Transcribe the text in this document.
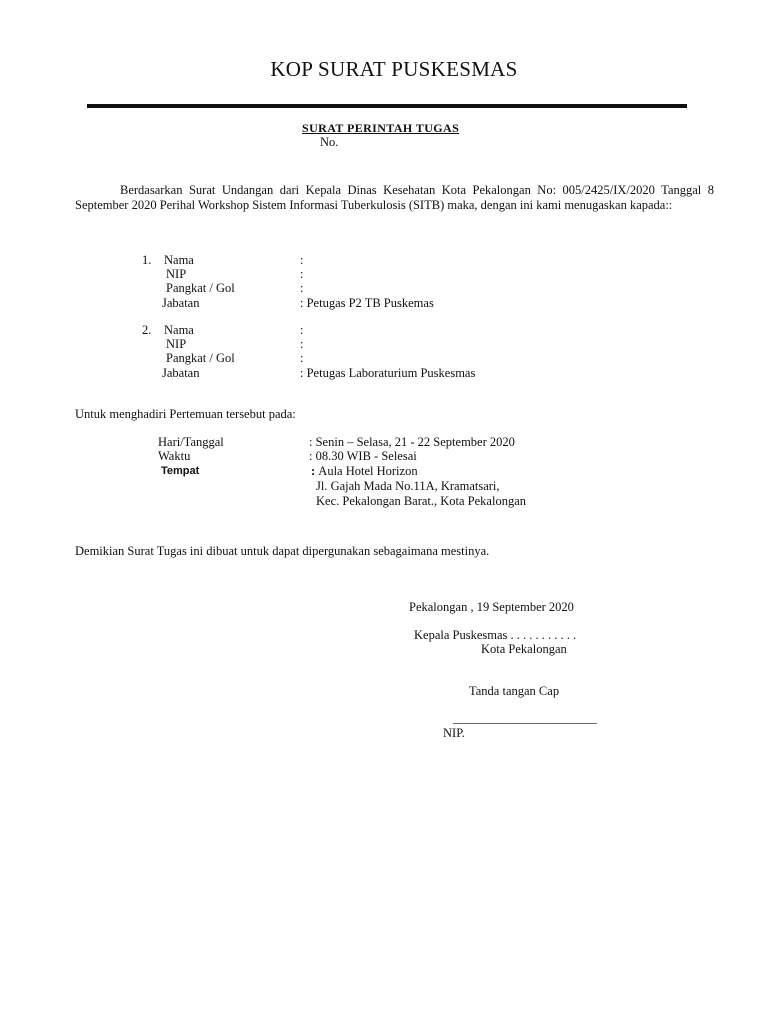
KOP SURAT PUSKESMAS
SURAT PERINTAH TUGAS
No.
Berdasarkan Surat Undangan dari Kepala Dinas Kesehatan Kota Pekalongan No: 005/2425/IX/2020 Tanggal 8 September 2020 Perihal Workshop Sistem Informasi Tuberkulosis (SITB) maka, dengan ini kami menugaskan kapada::
1. Nama	:
NIP	:
Pangkat / Gol	:
Jabatan	: Petugas P2 TB Puskemas
2. Nama	:
NIP	:
Pangkat / Gol	:
Jabatan	: Petugas Laboraturium Puskesmas
Untuk menghadiri Pertemuan tersebut pada:
Hari/Tanggal	: Senin – Selasa, 21 - 22 September 2020
Waktu	: 08.30 WIB - Selesai
Tempat	: Aula Hotel Horizon
Jl. Gajah Mada No.11A, Kramatsari,
Kec. Pekalongan Barat., Kota Pekalongan
Demikian Surat Tugas ini dibuat untuk dapat dipergunakan sebagaimana mestinya.
Pekalongan , 19 September 2020
Kepala Puskesmas . . . . . . . . . . .
Kota Pekalongan
Tanda tangan Cap
_______________________
NIP.
